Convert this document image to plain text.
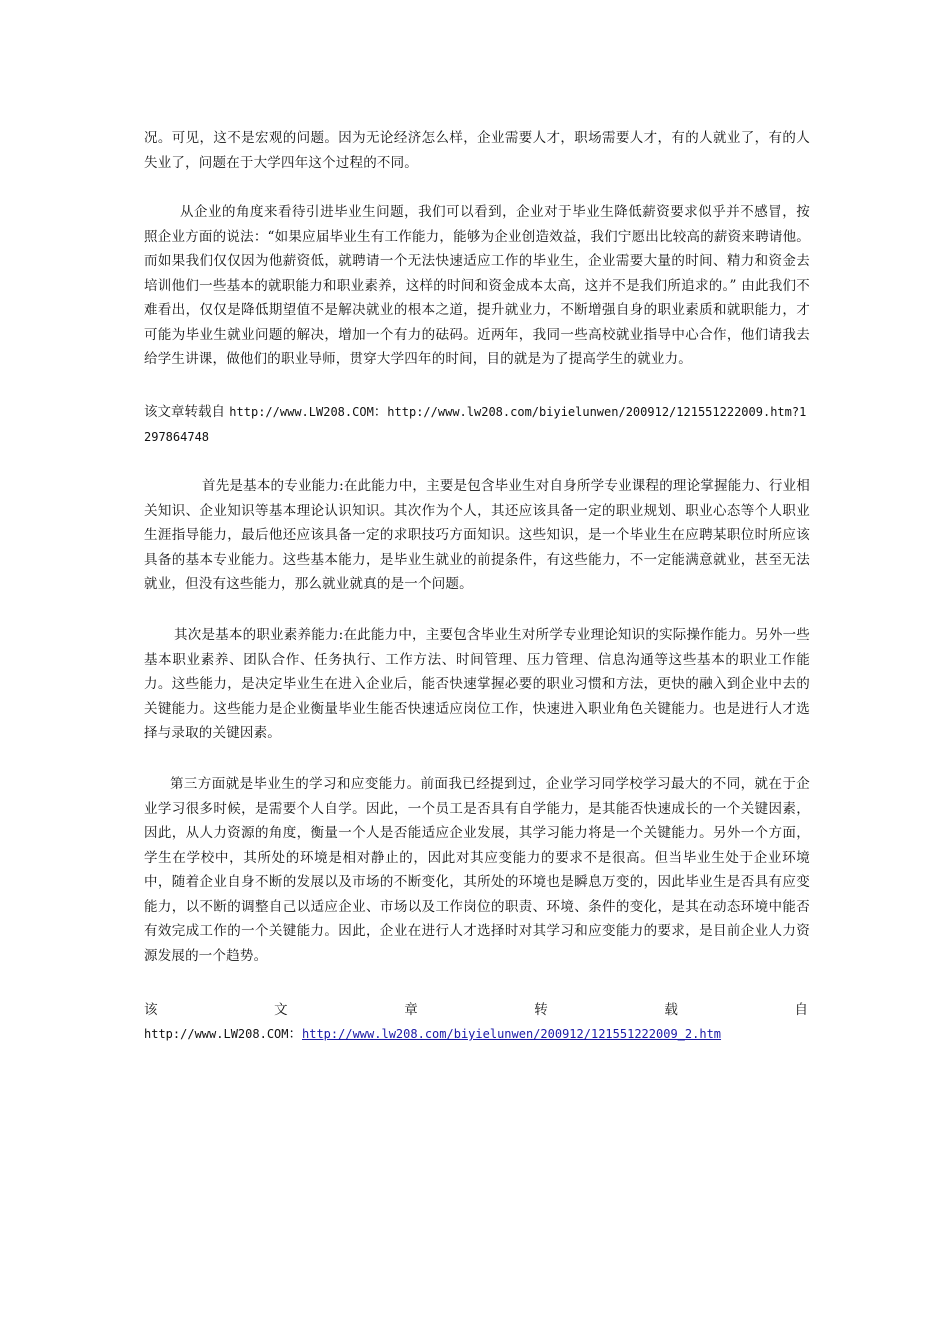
况。可见，这不是宏观的问题。因为无论经济怎么样，企业需要人才，职场需要人才，有的人就业了，有的人失业了，问题在于大学四年这个过程的不同。
从企业的角度来看待引进毕业生问题，我们可以看到，企业对于毕业生降低薪资要求似乎并不感冒，按照企业方面的说法：“如果应届毕业生有工作能力，能够为企业创造效益，我们宁愿出比较高的薪资来聘请他。而如果我们仅仅因为他薪资低，就聘请一个无法快速适应工作的毕业生，企业需要大量的时间、精力和资金去培训他们一些基本的就职能力和职业素养，这样的时间和资金成本太高，这并不是我们所追求的。” 由此我们不难看出，仅仅是降低期望值不是解决就业的根本之道，提升就业力，不断增强自身的职业素质和就职能力，才可能为毕业生就业问题的解决，增加一个有力的砝码。近两年，我同一些高校就业指导中心合作，他们请我去给学生讲课，做他们的职业导师，贯穿大学四年的时间，目的就是为了提高学生的就业力。
该文章转载自 http://www.LW208.COM：http://www.lw208.com/biyielunwen/200912/121551222009.htm?1297864748
首先是基本的专业能力:在此能力中，主要是包含毕业生对自身所学专业课程的理论掌握能力、行业相关知识、企业知识等基本理论认识知识。其次作为个人，其还应该具备一定的职业规划、职业心态等个人职业生涯指导能力，最后他还应该具备一定的求职技巧方面知识。这些知识，是一个毕业生在应聘某职位时所应该具备的基本专业能力。这些基本能力，是毕业生就业的前提条件，有这些能力，不一定能满意就业，甚至无法就业，但没有这些能力，那么就业就真的是一个问题。
其次是基本的职业素养能力:在此能力中，主要包含毕业生对所学专业理论知识的实际操作能力。另外一些基本职业素养、团队合作、任务执行、工作方法、时间管理、压力管理、信息沟通等这些基本的职业工作能力。这些能力，是决定毕业生在进入企业后，能否快速掌握必要的职业习惯和方法，更快的融入到企业中去的关键能力。这些能力是企业衡量毕业生能否快速适应岗位工作，快速进入职业角色关键能力。也是进行人才选择与录取的关键因素。
第三方面就是毕业生的学习和应变能力。前面我已经提到过，企业学习同学校学习最大的不同，就在于企业学习很多时候，是需要个人自学。因此，一个员工是否具有自学能力，是其能否快速成长的一个关键因素，因此，从人力资源的角度，衡量一个人是否能适应企业发展，其学习能力将是一个关键能力。另外一个方面，学生在学校中，其所处的环境是相对静止的，因此对其应变能力的要求不是很高。但当毕业生处于企业环境中，随着企业自身不断的发展以及市场的不断变化，其所处的环境也是瞬息万变的，因此毕业生是否具有应变能力，以不断的调整自己以适应企业、市场以及工作岗位的职责、环境、条件的变化，是其在动态环境中能否有效完成工作的一个关键能力。因此，企业在进行人才选择时对其学习和应变能力的要求，是目前企业人力资源发展的一个趋势。
该	文	章	转	载	自
http://www.LW208.COM：http://www.lw208.com/biyielunwen/200912/121551222009_2.htm
